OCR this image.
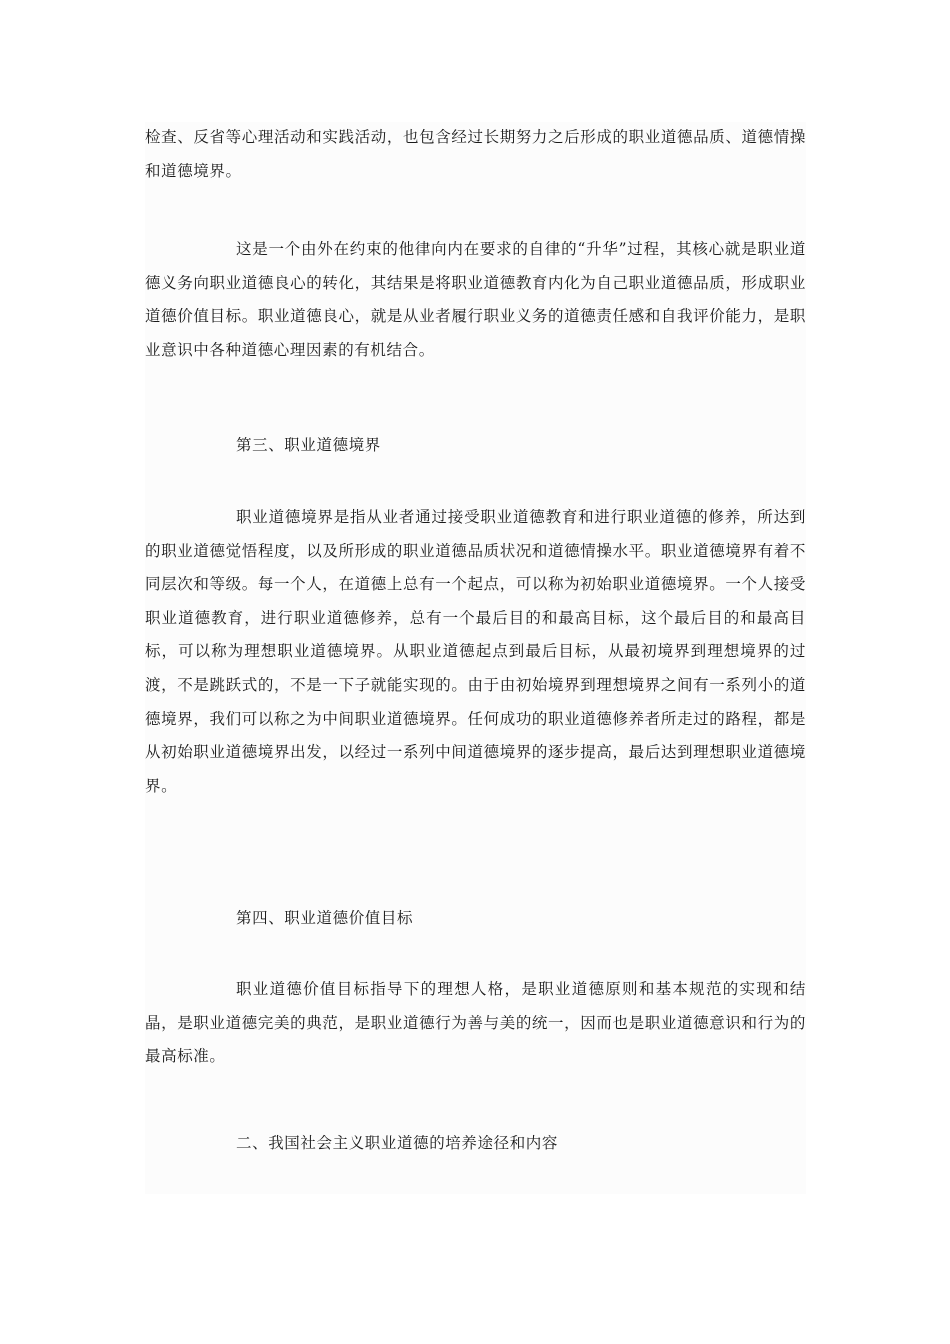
检查、反省等心理活动和实践活动，也包含经过长期努力之后形成的职业道德品质、道德情操和道德境界。

这是一个由外在约束的他律向内在要求的自律的“升华”过程，其核心就是职业道德义务向职业道德良心的转化，其结果是将职业道德教育内化为自己职业道德品质，形成职业道德价值目标。职业道德良心，就是从业者履行职业义务的道德责任感和自我评价能力，是职业意识中各种道德心理因素的有机结合。

第三、职业道德境界

职业道德境界是指从业者通过接受职业道德教育和进行职业道德的修养，所达到的职业道德觉悟程度，以及所形成的职业道德品质状况和道德情操水平。职业道德境界有着不同层次和等级。每一个人，在道德上总有一个起点，可以称为初始职业道德境界。一个人接受职业道德教育，进行职业道德修养，总有一个最后目的和最高目标，这个最后目的和最高目标，可以称为理想职业道德境界。从职业道德起点到最后目标，从最初境界到理想境界的过渡，不是跳跃式的，不是一下子就能实现的。由于由初始境界到理想境界之间有一系列小的道德境界，我们可以称之为中间职业道德境界。任何成功的职业道德修养者所走过的路程，都是从初始职业道德境界出发，以经过一系列中间道德境界的逐步提高，最后达到理想职业道德境界。

第四、职业道德价值目标

职业道德价值目标指导下的理想人格，是职业道德原则和基本规范的实现和结晶，是职业道德完美的典范，是职业道德行为善与美的统一，因而也是职业道德意识和行为的最高标准。

二、我国社会主义职业道德的培养途径和内容
